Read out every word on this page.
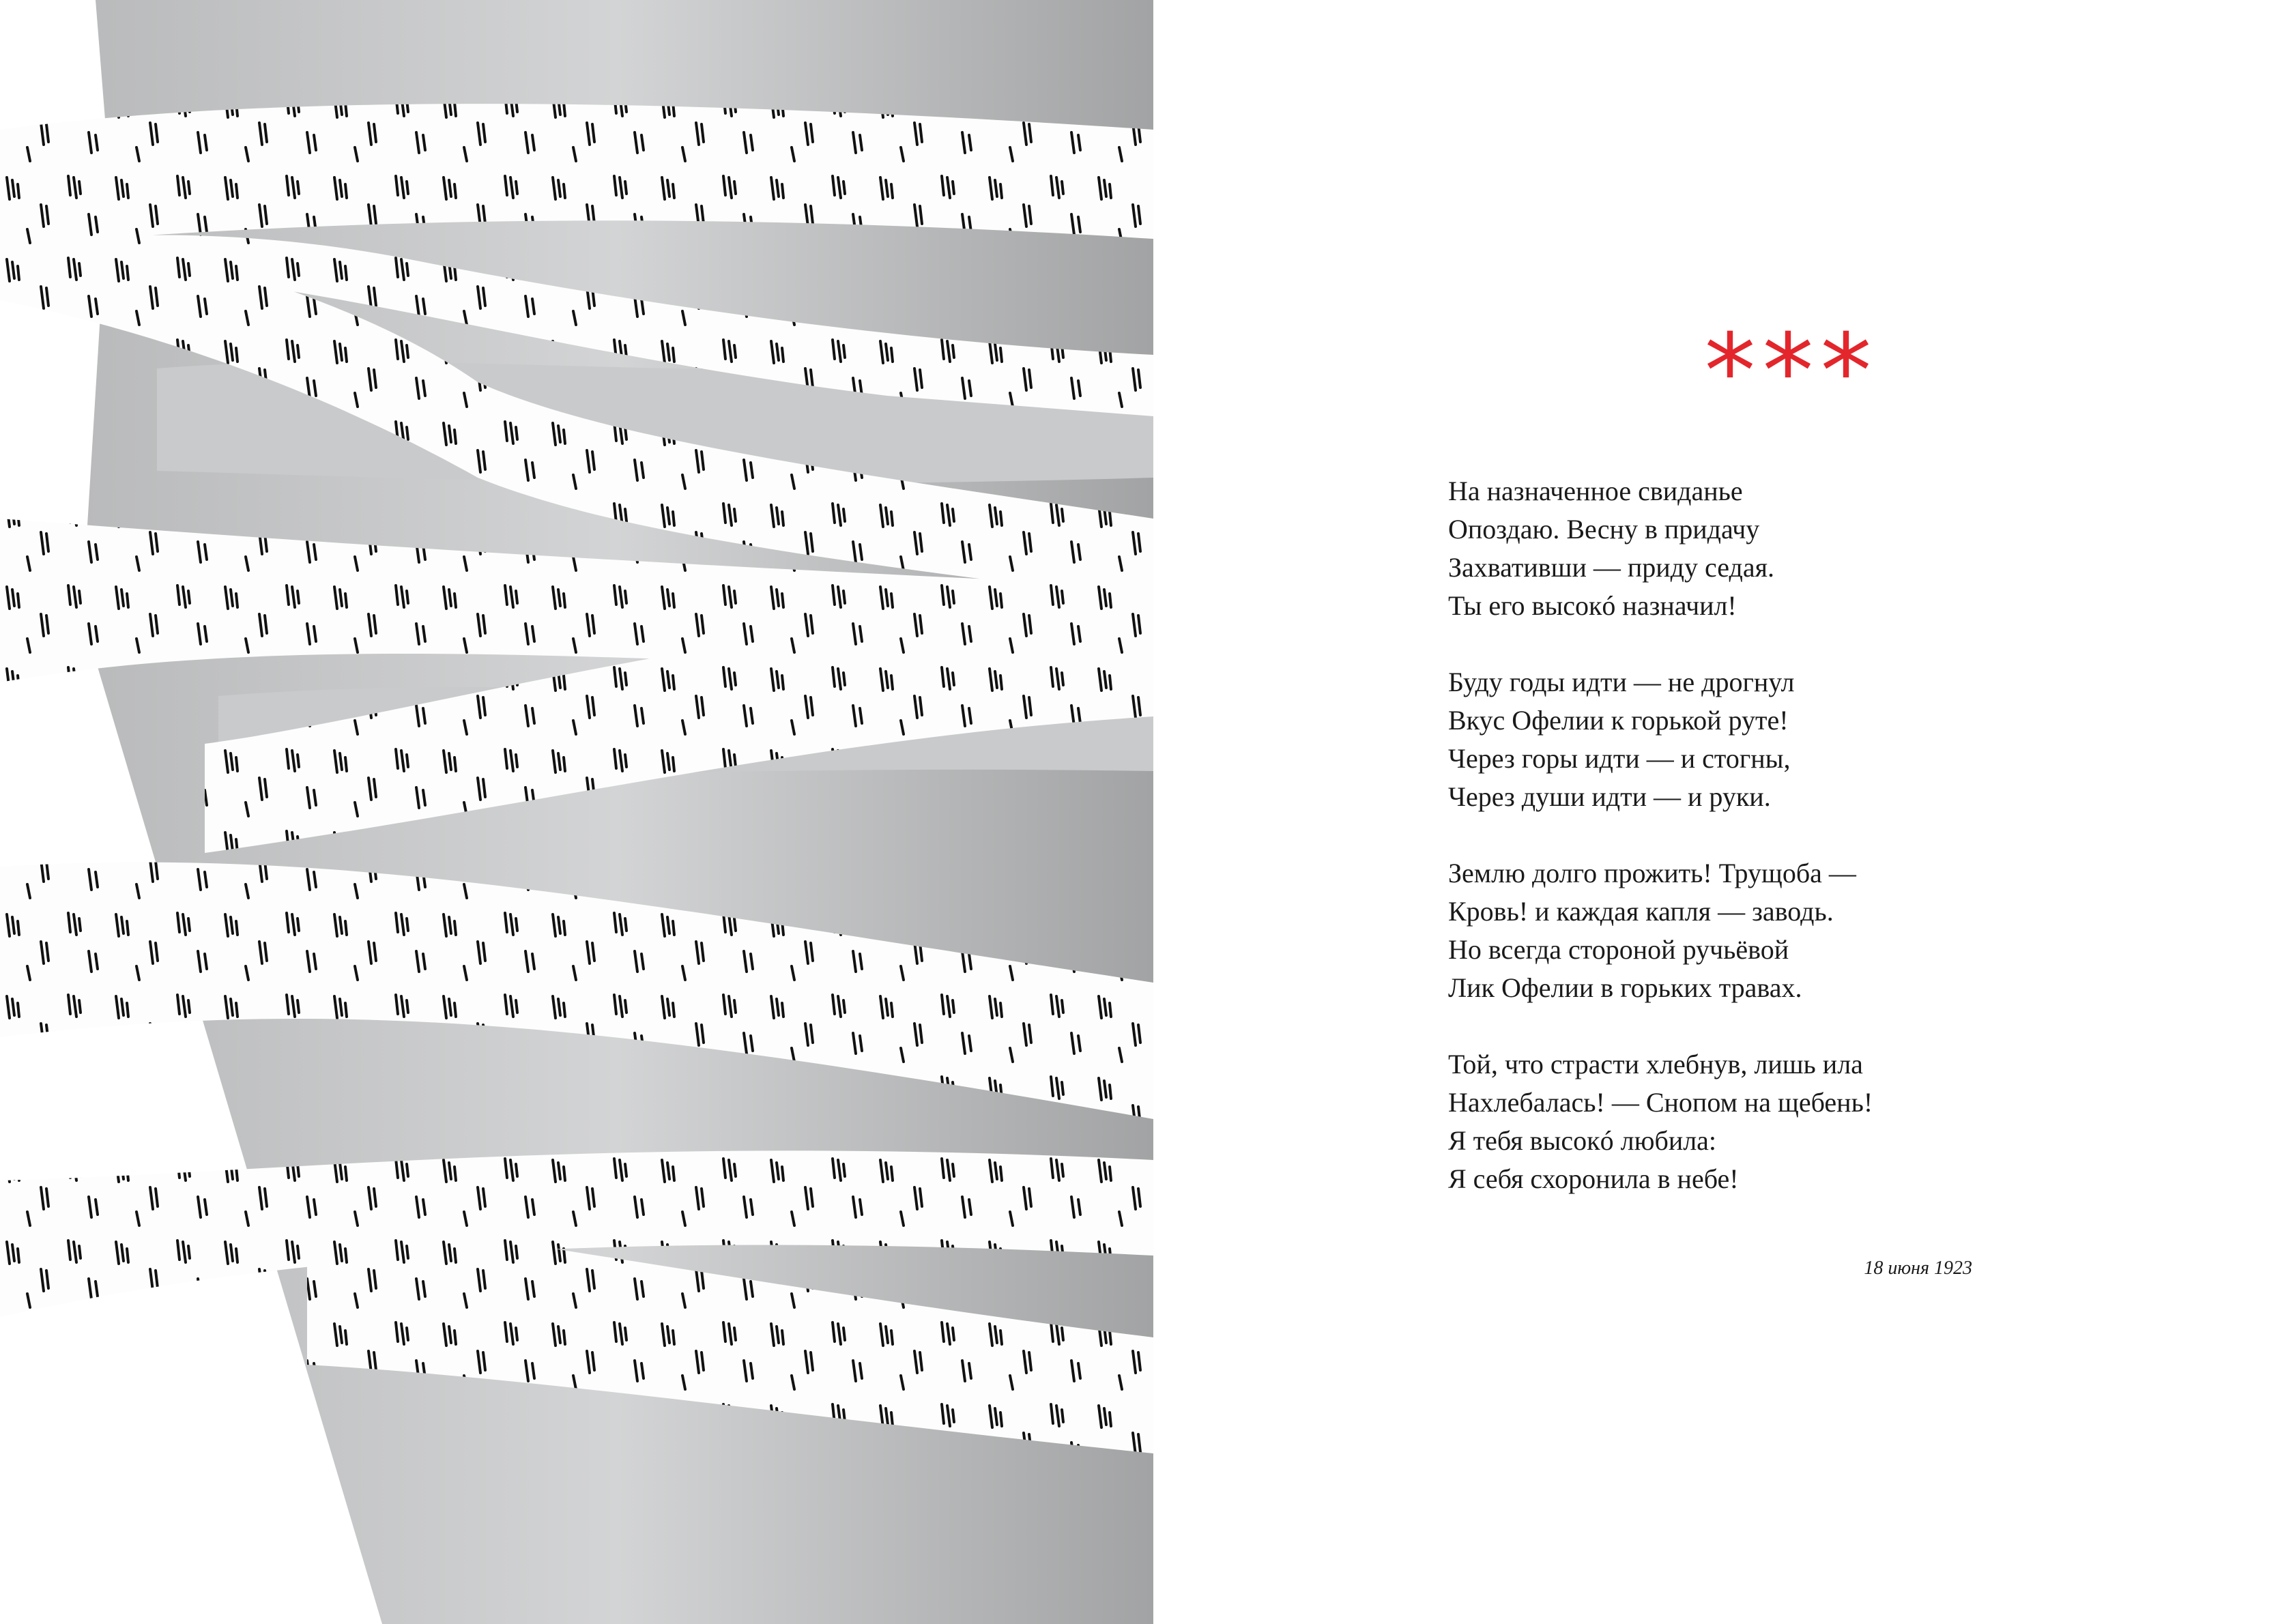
***
На назначенное свиданье
Опоздаю. Весну в придачу
Захвативши — приду седая.
Ты его высокó назначил!
Буду годы идти — не дрогнул
Вкус Офелии к горькой руте!
Через горы идти — и стогны,
Через души идти — и руки.
Землю долго прожить! Трущоба —
Кровь! и каждая капля — заводь.
Но всегда стороной ручьёвой
Лик Офелии в горьких травах.
Той, что страсти хлебнув, лишь ила
Нахлебалась! — Снопом на щебень!
Я тебя высокó любила:
Я себя схоронила в небе!
18 июня 1923
